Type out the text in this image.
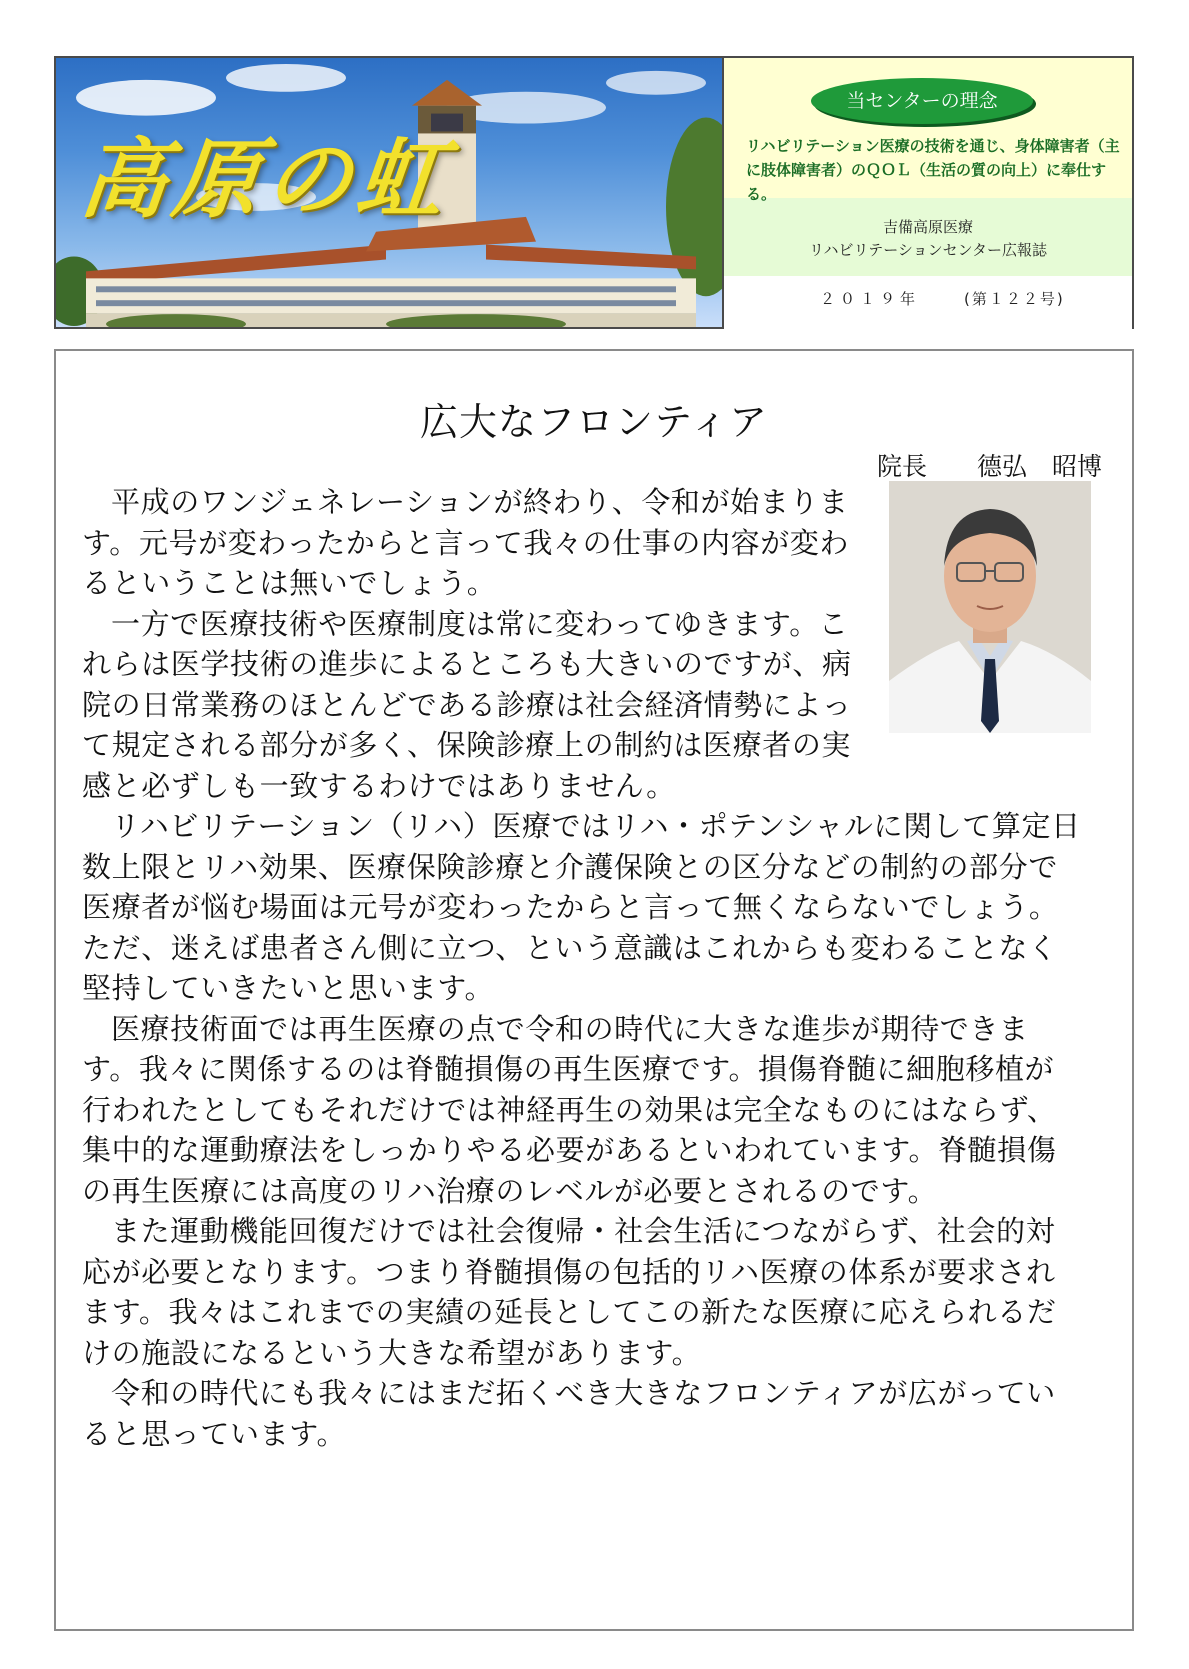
高原の虹
当センターの理念
リハビリテーション医療の技術を通じ、身体障害者（主に肢体障害者）のＱＯＬ（生活の質の向上）に奉仕する。
吉備高原医療
リハビリテーションセンター広報誌
２０１９年	(第１２２号)
広大なフロンティア
院長 德弘　昭博

平成のワンジェネレーションが終わり、令和が始まります。元号が変わったからと言って我々の仕事の内容が変わるということは無いでしょう。

一方で医療技術や医療制度は常に変わってゆきます。これらは医学技術の進歩によるところも大きいのですが、病院の日常業務のほとんどである診療は社会経済情勢によって規定される部分が多く、保険診療上の制約は医療者の実感と必ずしも一致するわけではありません。

リハビリテーション（リハ）医療ではリハ・ポテンシャルに関して算定日数上限とリハ効果、医療保険診療と介護保険との区分などの制約の部分で医療者が悩む場面は元号が変わったからと言って無くならないでしょう。ただ、迷えば患者さん側に立つ、という意識はこれからも変わることなく堅持していきたいと思います。

医療技術面では再生医療の点で令和の時代に大きな進歩が期待できます。我々に関係するのは脊髄損傷の再生医療です。損傷脊髄に細胞移植が行われたとしてもそれだけでは神経再生の効果は完全なものにはならず、集中的な運動療法をしっかりやる必要があるといわれています。脊髄損傷の再生医療には高度のリハ治療のレベルが必要とされるのです。

また運動機能回復だけでは社会復帰・社会生活につながらず、社会的対応が必要となります。つまり脊髄損傷の包括的リハ医療の体系が要求されます。我々はこれまでの実績の延長としてこの新たな医療に応えられるだけの施設になるという大きな希望があります。

令和の時代にも我々にはまだ拓くべき大きなフロンティアが広がっていると思っています。
